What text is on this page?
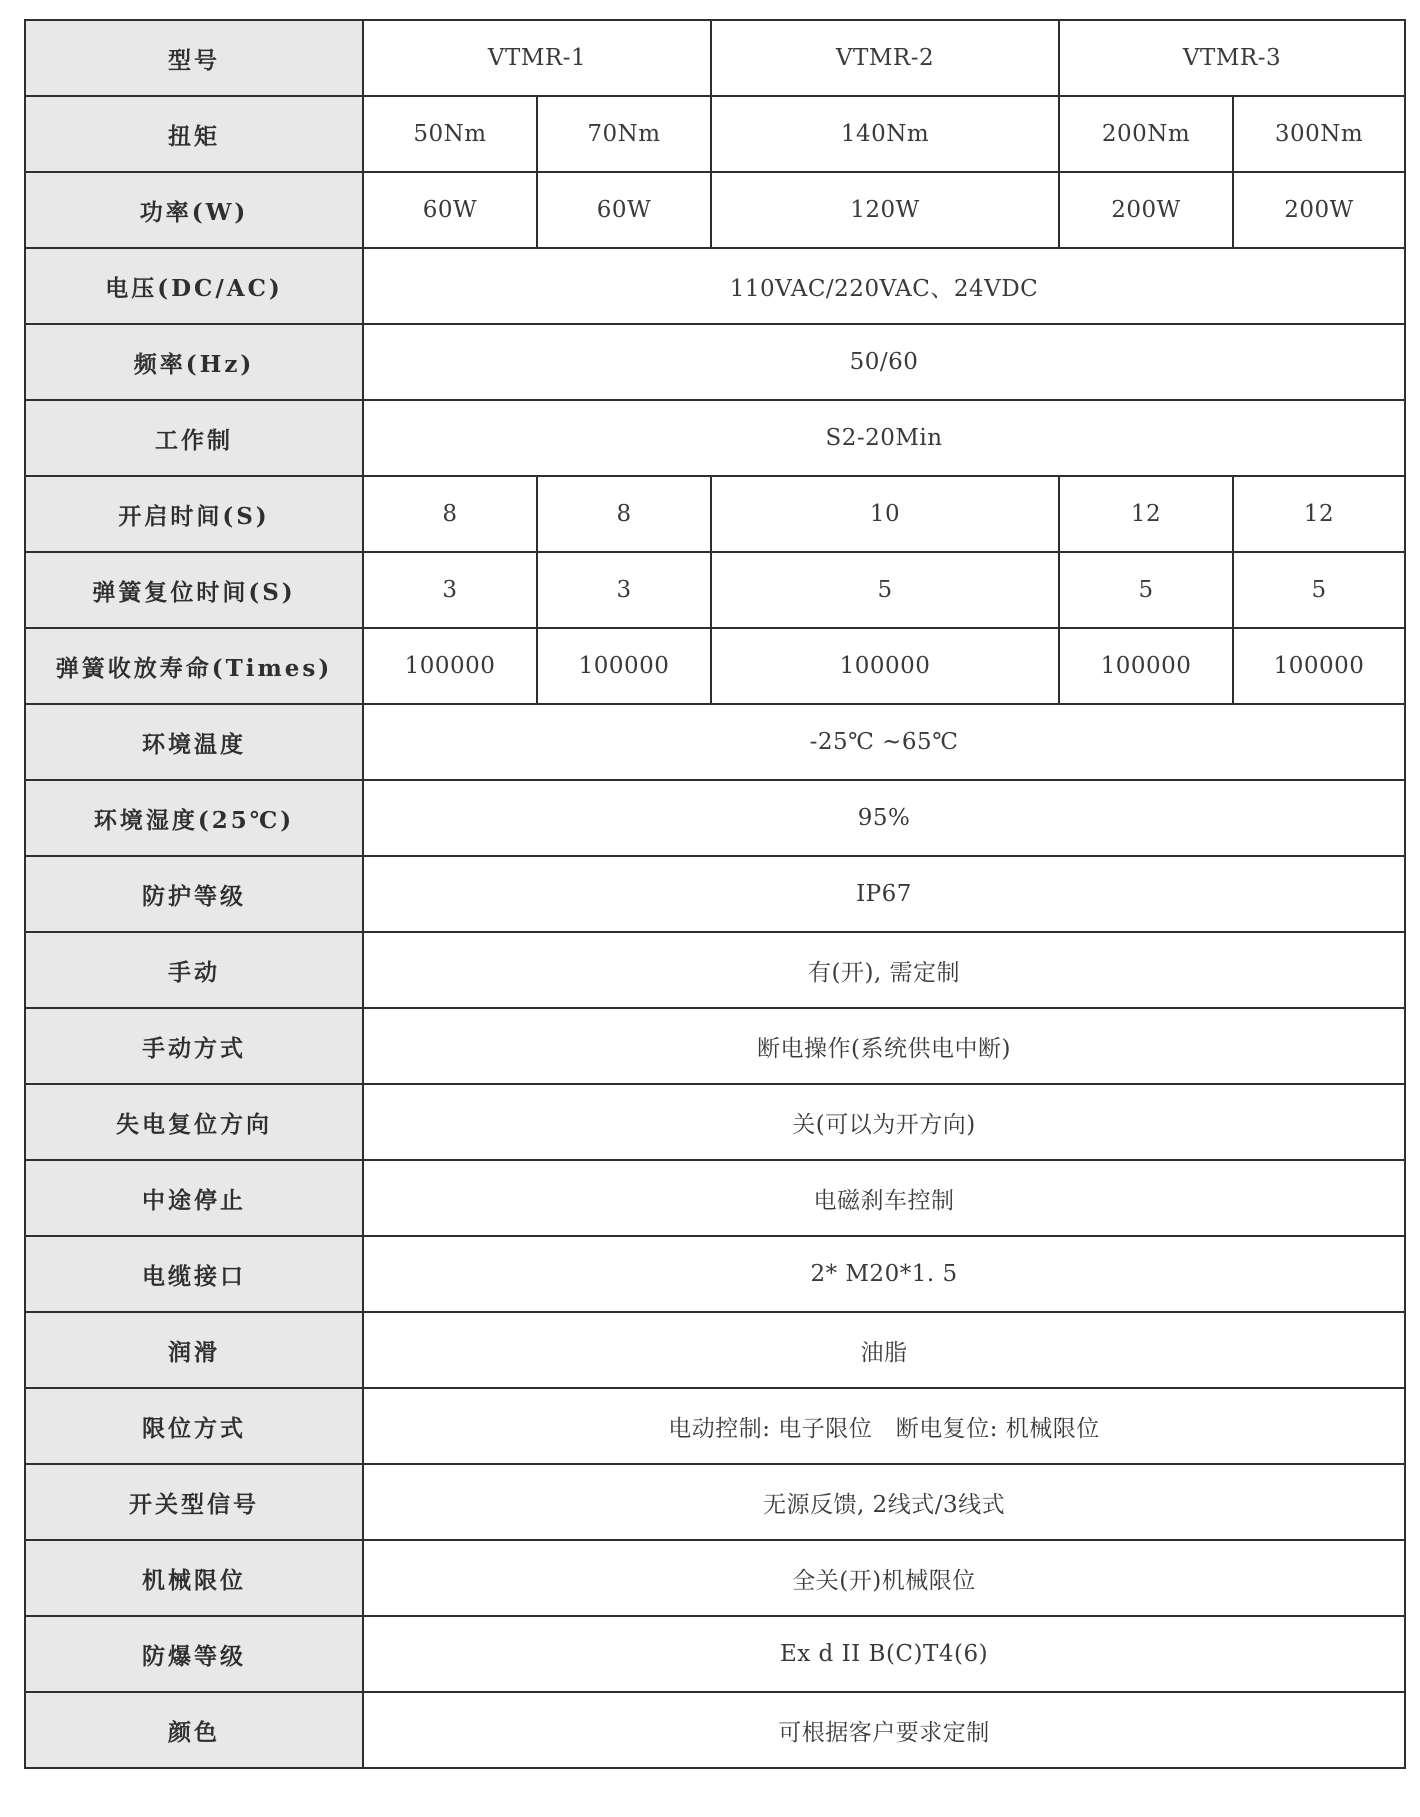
型号	VTMR-1		VTMR-2	VTMR-3	
扭矩	50Nm	70Nm	140Nm	200Nm	300Nm
功率(W)	60W	60W	120W	200W	200W
电压(DC/AC)	110VAC/220VAC、24VDC				
频率(Hz)	50/60				
工作制	S2-20Min				
开启时间(S)	8	8	10	12	12
弹簧复位时间(S)	3	3	5	5	5
弹簧收放寿命(Times)	100000	100000	100000	100000	100000
环境温度	-25℃ ~65℃				
环境湿度(25℃)	95%				
防护等级	IP67				
手动	有(开), 需定制				
手动方式	断电操作(系统供电中断)				
失电复位方向	关(可以为开方向)				
中途停止	电磁刹车控制				
电缆接口	2* M20*1. 5				
润滑	油脂				
限位方式	电动控制: 电子限位   断电复位: 机械限位				
开关型信号	无源反馈, 2线式/3线式				
机械限位	全关(开)机械限位				
防爆等级	Ex d II B(C)T4(6)				
颜色	可根据客户要求定制				
